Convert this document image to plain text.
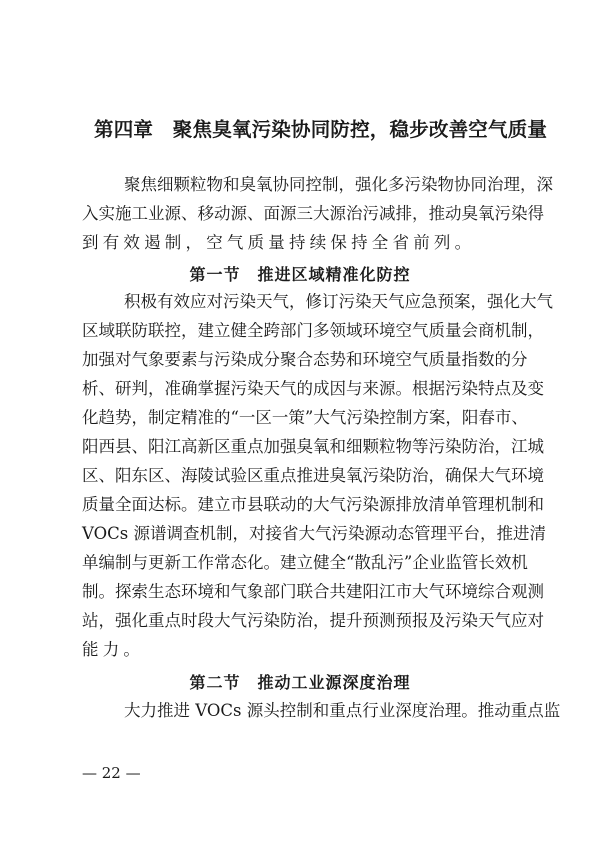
第四章　聚焦臭氧污染协同防控，稳步改善空气质量
聚焦细颗粒物和臭氧协同控制，强化多污染物协同治理，深
入实施工业源、移动源、面源三大源治污减排，推动臭氧污染得
到有效遏制，空气质量持续保持全省前列。
第一节　推进区域精准化防控
积极有效应对污染天气，修订污染天气应急预案，强化大气
区域联防联控，建立健全跨部门多领域环境空气质量会商机制，
加强对气象要素与污染成分聚合态势和环境空气质量指数的分
析、研判，准确掌握污染天气的成因与来源。根据污染特点及变
化趋势，制定精准的“一区一策”大气污染控制方案，阳春市、
阳西县、阳江高新区重点加强臭氧和细颗粒物等污染防治，江城
区、阳东区、海陵试验区重点推进臭氧污染防治，确保大气环境
质量全面达标。建立市县联动的大气污染源排放清单管理机制和
VOCs 源谱调查机制，对接省大气污染源动态管理平台，推进清
单编制与更新工作常态化。建立健全“散乱污”企业监管长效机
制。探索生态环境和气象部门联合共建阳江市大气环境综合观测
站，强化重点时段大气污染防治，提升预测预报及污染天气应对
能力。
第二节　推动工业源深度治理
大力推进 VOCs 源头控制和重点行业深度治理。推动重点监
— 22 —
